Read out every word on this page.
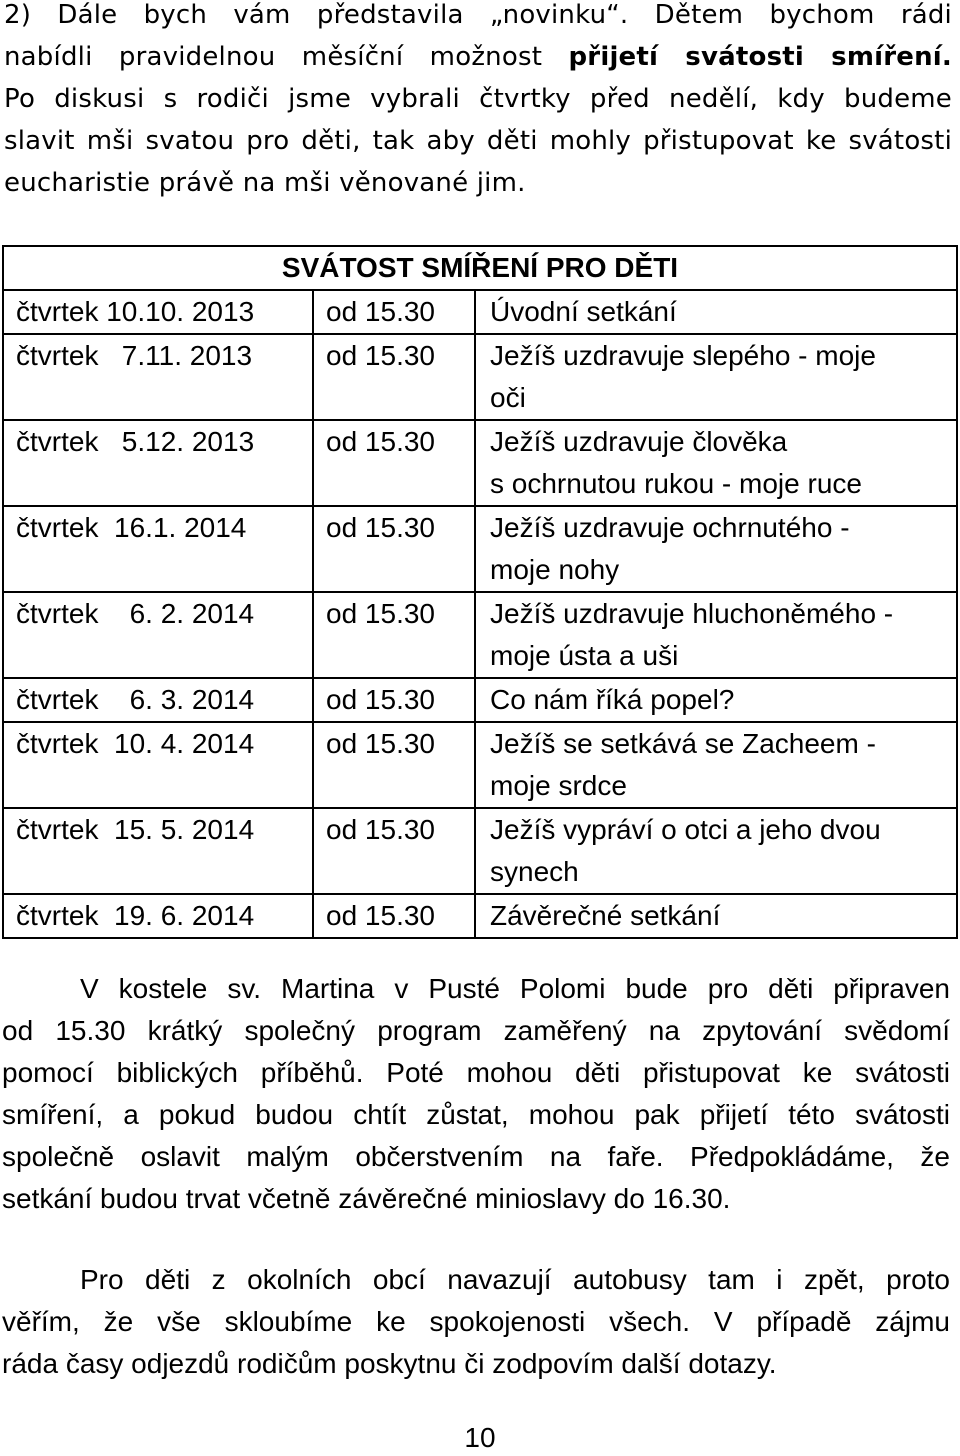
2) Dále bych vám představila „novinku“. Dětem bychom rádi
nabídli pravidelnou měsíční možnost přijetí svátosti smíření.
Po diskusi s rodiči jsme vybrali čtvrtky před nedělí, kdy budeme
slavit mši svatou pro děti, tak aby děti mohly přistupovat ke svátosti
eucharistie právě na mši věnované jim.
SVÁTOST SMÍŘENÍ PRO DĚTI		
čtvrtek 10.10. 2013	od 15.30	Úvodní setkání

čtvrtek   7.11. 2013	od 15.30	Ježíš uzdravuje slepého - moje
oči

čtvrtek   5.12. 2013	od 15.30	Ježíš uzdravuje člověka
s ochrnutou rukou - moje ruce

čtvrtek  16.1. 2014	od 15.30	Ježíš uzdravuje ochrnutého -
moje nohy

čtvrtek    6. 2. 2014	od 15.30	Ježíš uzdravuje hluchoněmého -
moje ústa a uši

čtvrtek    6. 3. 2014	od 15.30	Co nám říká popel?

čtvrtek  10. 4. 2014	od 15.30	Ježíš se setkává se Zacheem -
moje srdce

čtvrtek  15. 5. 2014	od 15.30	Ježíš vypráví o otci a jeho dvou
synech

čtvrtek  19. 6. 2014	od 15.30	Závěrečné setkání
V kostele sv. Martina v Pusté Polomi bude pro děti připraven
od 15.30 krátký společný program zaměřený na zpytování svědomí
pomocí biblických příběhů. Poté mohou děti přistupovat ke svátosti
smíření, a pokud budou chtít zůstat, mohou pak přijetí této svátosti
společně oslavit malým občerstvením na faře. Předpokládáme, že
setkání budou trvat včetně závěrečné minioslavy do 16.30.
Pro děti z okolních obcí navazují autobusy tam i zpět, proto
věřím, že vše skloubíme ke spokojenosti všech. V případě zájmu
ráda časy odjezdů rodičům poskytnu či zodpovím další dotazy.
10
